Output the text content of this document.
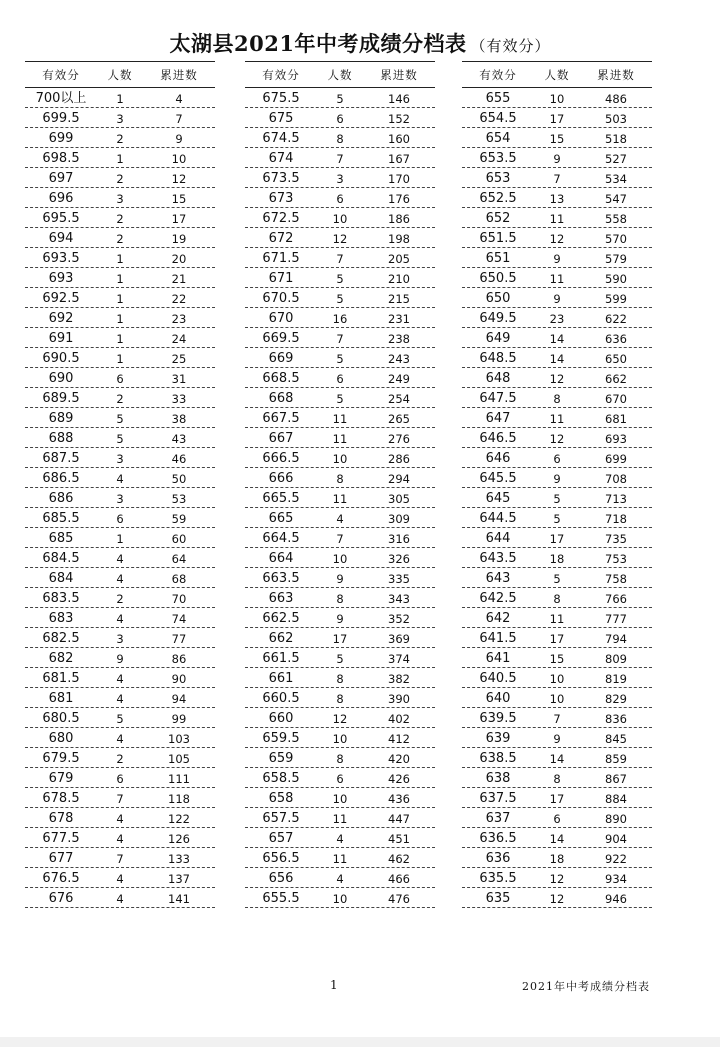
太湖县2021年中考成绩分档表 （有效分）
有效分	人数	累进数
700以上	1	4
699.5	3	7
699	2	9
698.5	1	10
697	2	12
696	3	15
695.5	2	17
694	2	19
693.5	1	20
693	1	21
692.5	1	22
692	1	23
691	1	24
690.5	1	25
690	6	31
689.5	2	33
689	5	38
688	5	43
687.5	3	46
686.5	4	50
686	3	53
685.5	6	59
685	1	60
684.5	4	64
684	4	68
683.5	2	70
683	4	74
682.5	3	77
682	9	86
681.5	4	90
681	4	94
680.5	5	99
680	4	103
679.5	2	105
679	6	111
678.5	7	118
678	4	122
677.5	4	126
677	7	133
676.5	4	137
676	4	141
有效分	人数	累进数
675.5	5	146
675	6	152
674.5	8	160
674	7	167
673.5	3	170
673	6	176
672.5	10	186
672	12	198
671.5	7	205
671	5	210
670.5	5	215
670	16	231
669.5	7	238
669	5	243
668.5	6	249
668	5	254
667.5	11	265
667	11	276
666.5	10	286
666	8	294
665.5	11	305
665	4	309
664.5	7	316
664	10	326
663.5	9	335
663	8	343
662.5	9	352
662	17	369
661.5	5	374
661	8	382
660.5	8	390
660	12	402
659.5	10	412
659	8	420
658.5	6	426
658	10	436
657.5	11	447
657	4	451
656.5	11	462
656	4	466
655.5	10	476
有效分	人数	累进数
655	10	486
654.5	17	503
654	15	518
653.5	9	527
653	7	534
652.5	13	547
652	11	558
651.5	12	570
651	9	579
650.5	11	590
650	9	599
649.5	23	622
649	14	636
648.5	14	650
648	12	662
647.5	8	670
647	11	681
646.5	12	693
646	6	699
645.5	9	708
645	5	713
644.5	5	718
644	17	735
643.5	18	753
643	5	758
642.5	8	766
642	11	777
641.5	17	794
641	15	809
640.5	10	819
640	10	829
639.5	7	836
639	9	845
638.5	14	859
638	8	867
637.5	17	884
637	6	890
636.5	14	904
636	18	922
635.5	12	934
635	12	946
1	2021年中考成绩分档表
